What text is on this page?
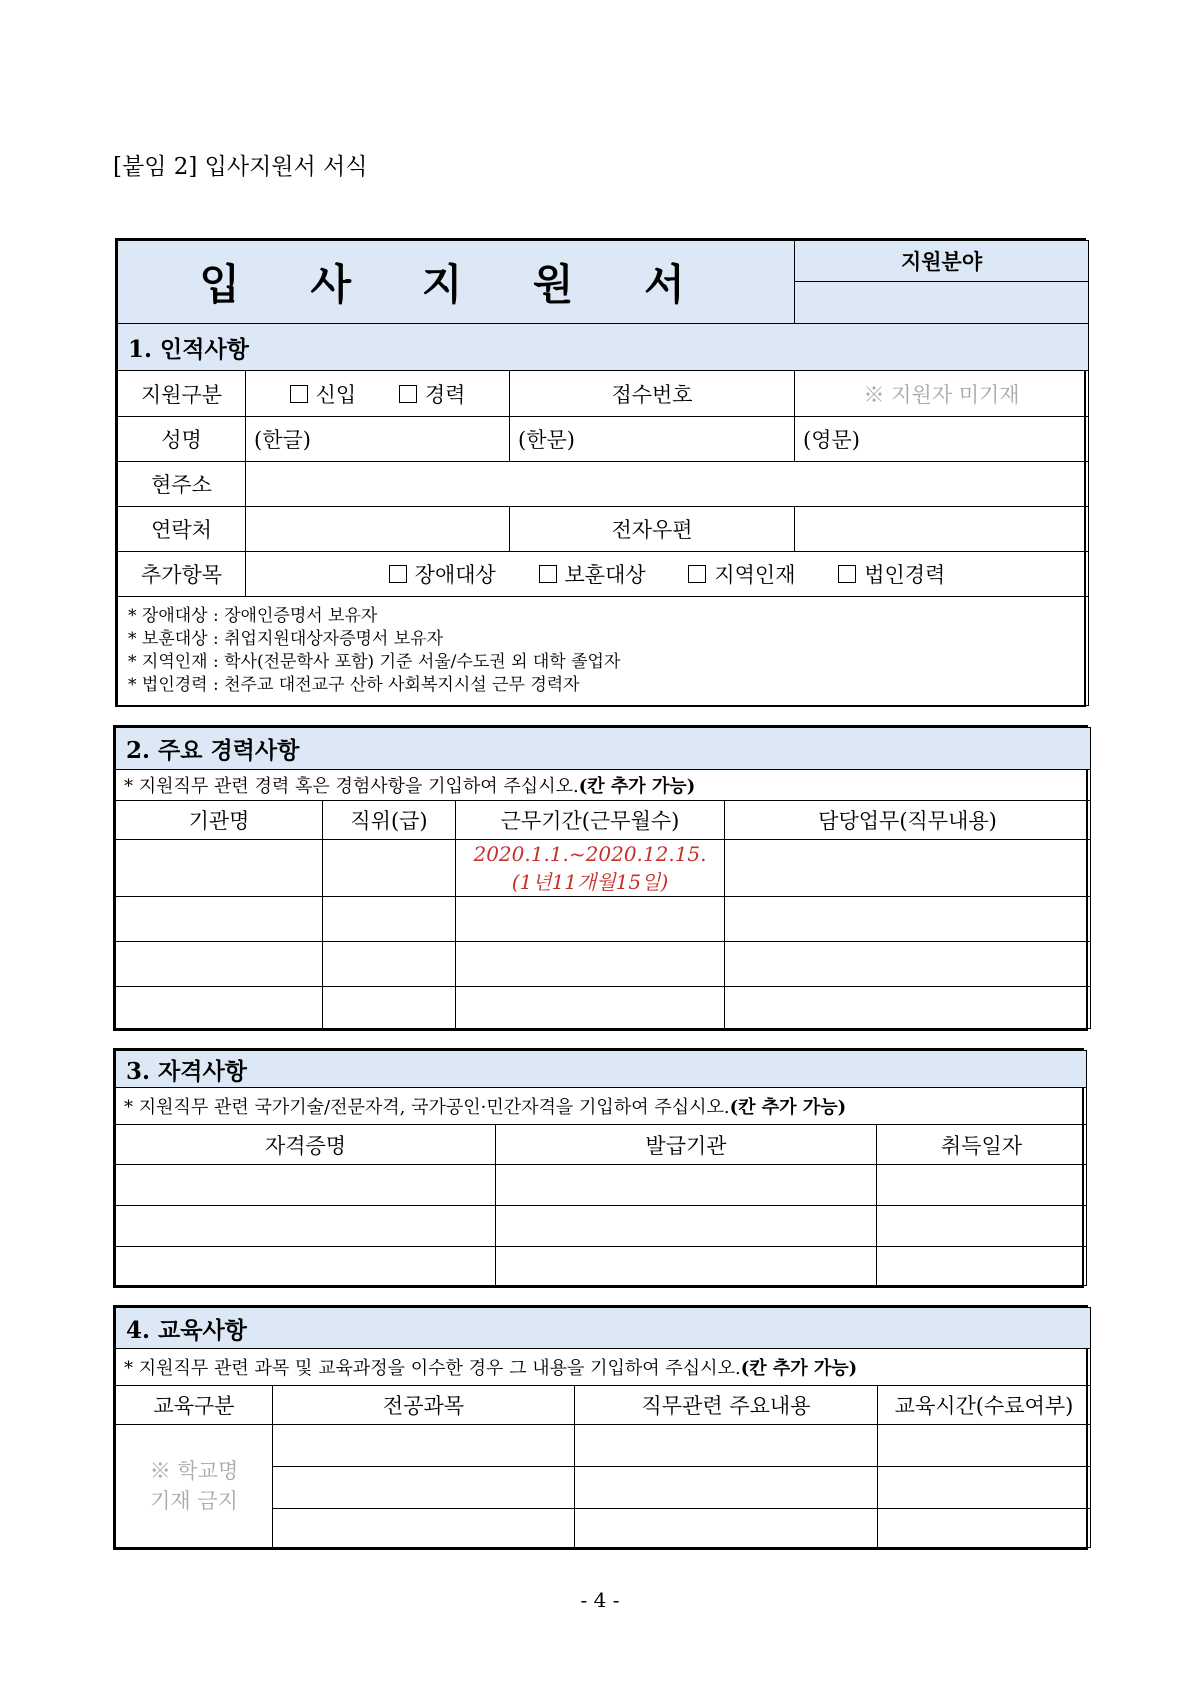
[붙임 2] 입사지원서 서식
입 사 지 원 서			지원분야

1. 인적사항			
지원구분	신입 경력	접수번호	※ 지원자 미기재
성명	(한글)	(한문)	(영문)
현주소			
연락처		전자우편	
추가항목	장애대상 보훈대상 지역인재 법인경력		

* 장애대상 : 장애인증명서 보유자
* 보훈대상 : 취업지원대상자증명서 보유자
* 지역인재 : 학사(전문학사 포함) 기준 서울/수도권 외 대학 졸업자
* 법인경력 : 천주교 대전교구 산하 사회복지시설 근무 경력자			
2. 주요 경력사항			
* 지원직무 관련 경력 혹은 경험사항을 기입하여 주십시오.(칸 추가 가능)			
기관명	직위(급)	근무기간(근무월수)	담당업무(직무내용)

		2020.1.1.~2020.12.15.
(1년11개월15일)	

3. 자격사항		
* 지원직무 관련 국가기술/전문자격, 국가공인·민간자격을 기입하여 주십시오.(칸 추가 가능)		
자격증명	발급기관	취득일자

4. 교육사항			
* 지원직무 관련 과목 및 교육과정을 이수한 경우 그 내용을 기입하여 주십시오.(칸 추가 가능)			
교육구분	전공과목	직무관련 주요내용	교육시간(수료여부)

※ 학교명
기재 금지			

- 4 -
